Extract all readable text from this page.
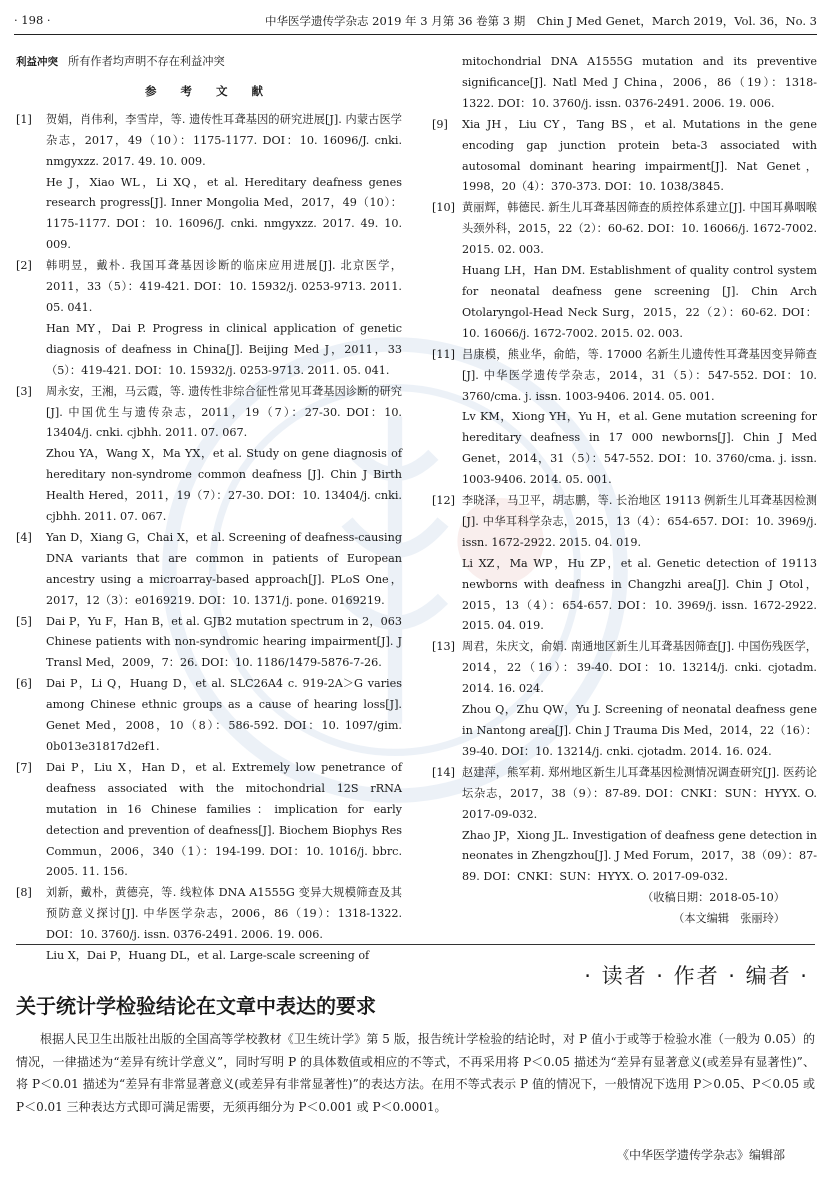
· 198 ·	中华医学遗传学杂志 2019 年 3 月第 36 卷第 3 期　Chin J Med Genet，March 2019，Vol. 36，No. 3

利益冲突 所有作者均声明不存在利益冲突

参 考 文 献

[1]	贺娟，肖伟利，李雪岸，等. 遗传性耳聋基因的研究进展[J]. 内蒙古医学杂志，2017，49（10）：1175-1177. DOI：10. 16096/J. cnki. nmgyxzz. 2017. 49. 10. 009.
He J，Xiao WL，Li XQ，et al. Hereditary deafness genes research progress[J]. Inner Mongolia Med，2017，49（10）：1175-1177. DOI：10. 16096/J. cnki. nmgyxzz. 2017. 49. 10. 009.
[2]	韩明昱，戴朴. 我国耳聋基因诊断的临床应用进展[J]. 北京医学，2011，33（5）：419-421. DOI：10. 15932/j. 0253-9713. 2011. 05. 041.
Han MY，Dai P. Progress in clinical application of genetic diagnosis of deafness in China[J]. Beijing Med J，2011，33（5）：419-421. DOI：10. 15932/j. 0253-9713. 2011. 05. 041.
[3]	周永安，王湘，马云霞，等. 遗传性非综合征性常见耳聋基因诊断的研究[J]. 中国优生与遗传杂志，2011，19（7）：27-30. DOI：10. 13404/j. cnki. cjbhh. 2011. 07. 067.
Zhou YA，Wang X，Ma YX，et al. Study on gene diagnosis of hereditary non-syndrome common deafness [J]. Chin J Birth Health Hered，2011，19（7）：27-30. DOI：10. 13404/j. cnki. cjbhh. 2011. 07. 067.
[4]	Yan D，Xiang G，Chai X，et al. Screening of deafness-causing DNA variants that are common in patients of European ancestry using a microarray-based approach[J]. PLoS One，2017，12（3）：e0169219. DOI：10. 1371/j. pone. 0169219.
[5]	Dai P，Yu F，Han B，et al. GJB2 mutation spectrum in 2，063 Chinese patients with non-syndromic hearing impairment[J]. J Transl Med，2009，7：26. DOI：10. 1186/1479-5876-7-26.
[6]	Dai P，Li Q，Huang D，et al. SLC26A4 c. 919-2A＞G varies among Chinese ethnic groups as a cause of hearing loss[J]. Genet Med，2008，10（8）：586-592. DOI：10. 1097/gim. 0b013e31817d2ef1.
[7]	Dai P，Liu X，Han D，et al. Extremely low penetrance of deafness associated with the mitochondrial 12S rRNA mutation in 16 Chinese families：implication for early detection and prevention of deafness[J]. Biochem Biophys Res Commun，2006，340（1）：194-199. DOI：10. 1016/j. bbrc. 2005. 11. 156.
[8]	刘新，戴朴，黄德亮，等. 线粒体 DNA A1555G 变异大规模筛查及其预防意义探讨[J]. 中华医学杂志，2006，86（19）：1318-1322. DOI：10. 3760/j. issn. 0376-2491. 2006. 19. 006.
Liu X，Dai P，Huang DL，et al. Large-scale screening of
mitochondrial DNA A1555G mutation and its preventive significance[J]. Natl Med J China，2006，86（19）：1318-1322. DOI：10. 3760/j. issn. 0376-2491. 2006. 19. 006.
[9]	Xia JH，Liu CY，Tang BS，et al. Mutations in the gene encoding gap junction protein beta-3 associated with autosomal dominant hearing impairment[J]. Nat Genet，1998，20（4）：370-373. DOI：10. 1038/3845.
[10] 黄丽辉，韩德民. 新生儿耳聋基因筛查的质控体系建立[J]. 中国耳鼻咽喉头颈外科，2015，22（2）：60-62. DOI：10. 16066/j. 1672-7002. 2015. 02. 003.
Huang LH，Han DM. Establishment of quality control system for neonatal deafness gene screening [J]. Chin Arch Otolaryngol-Head Neck Surg，2015，22（2）：60-62. DOI：10. 16066/j. 1672-7002. 2015. 02. 003.
[11] 吕康模，熊业华，俞皓，等. 17000 名新生儿遗传性耳聋基因变异筛查[J]. 中华医学遗传学杂志，2014，31（5）：547-552. DOI：10. 3760/cma. j. issn. 1003-9406. 2014. 05. 001.
Lv KM，Xiong YH，Yu H，et al. Gene mutation screening for hereditary deafness in 17 000 newborns[J]. Chin J Med Genet，2014，31（5）：547-552. DOI：10. 3760/cma. j. issn. 1003-9406. 2014. 05. 001.
[12] 李晓泽，马卫平，胡志鹏，等. 长治地区 19113 例新生儿耳聋基因检测[J]. 中华耳科学杂志，2015，13（4）：654-657. DOI：10. 3969/j. issn. 1672-2922. 2015. 04. 019.
Li XZ，Ma WP，Hu ZP，et al. Genetic detection of 19113 newborns with deafness in Changzhi area[J]. Chin J Otol，2015，13（4）：654-657. DOI：10. 3969/j. issn. 1672-2922. 2015. 04. 019.
[13] 周君，朱庆文，俞娟. 南通地区新生儿耳聋基因筛查[J]. 中国伤残医学，2014，22（16）：39-40. DOI：10. 13214/j. cnki. cjotadm. 2014. 16. 024.
Zhou Q，Zhu QW，Yu J. Screening of neonatal deafness gene in Nantong area[J]. Chin J Trauma Dis Med，2014，22（16）：39-40. DOI：10. 13214/j. cnki. cjotadm. 2014. 16. 024.
[14] 赵建萍，熊军莉. 郑州地区新生儿耳聋基因检测情况调查研究[J]. 医药论坛杂志，2017，38（9）：87-89. DOI：CNKI：SUN：HYYX. O. 2017-09-032.
Zhao JP，Xiong JL. Investigation of deafness gene detection in neonates in Zhengzhou[J]. J Med Forum，2017，38（09）：87-89. DOI：CNKI：SUN：HYYX. O. 2017-09-032.

（收稿日期：2018-05-10）

（本文编辑　张丽玲）

· 读者 · 作者 · 编者 ·
关于统计学检验结论在文章中表达的要求

根据人民卫生出版社出版的全国高等学校教材《卫生统计学》第 5 版，报告统计学检验的结论时，对 P 值小于或等于检验水准（一般为 0.05）的情况，一律描述为“差异有统计学意义”，同时写明 P 的具体数值或相应的不等式，不再采用将 P＜0.05 描述为“差异有显著意义(或差异有显著性)”、将 P＜0.01 描述为“差异有非常显著意义(或差异有非常显著性)”的表达方法。在用不等式表示 P 值的情况下，一般情况下选用 P＞0.05、P＜0.05 或 P＜0.01 三种表达方式即可满足需要，无须再细分为 P＜0.001 或 P＜0.0001。

《中华医学遗传学杂志》编辑部
